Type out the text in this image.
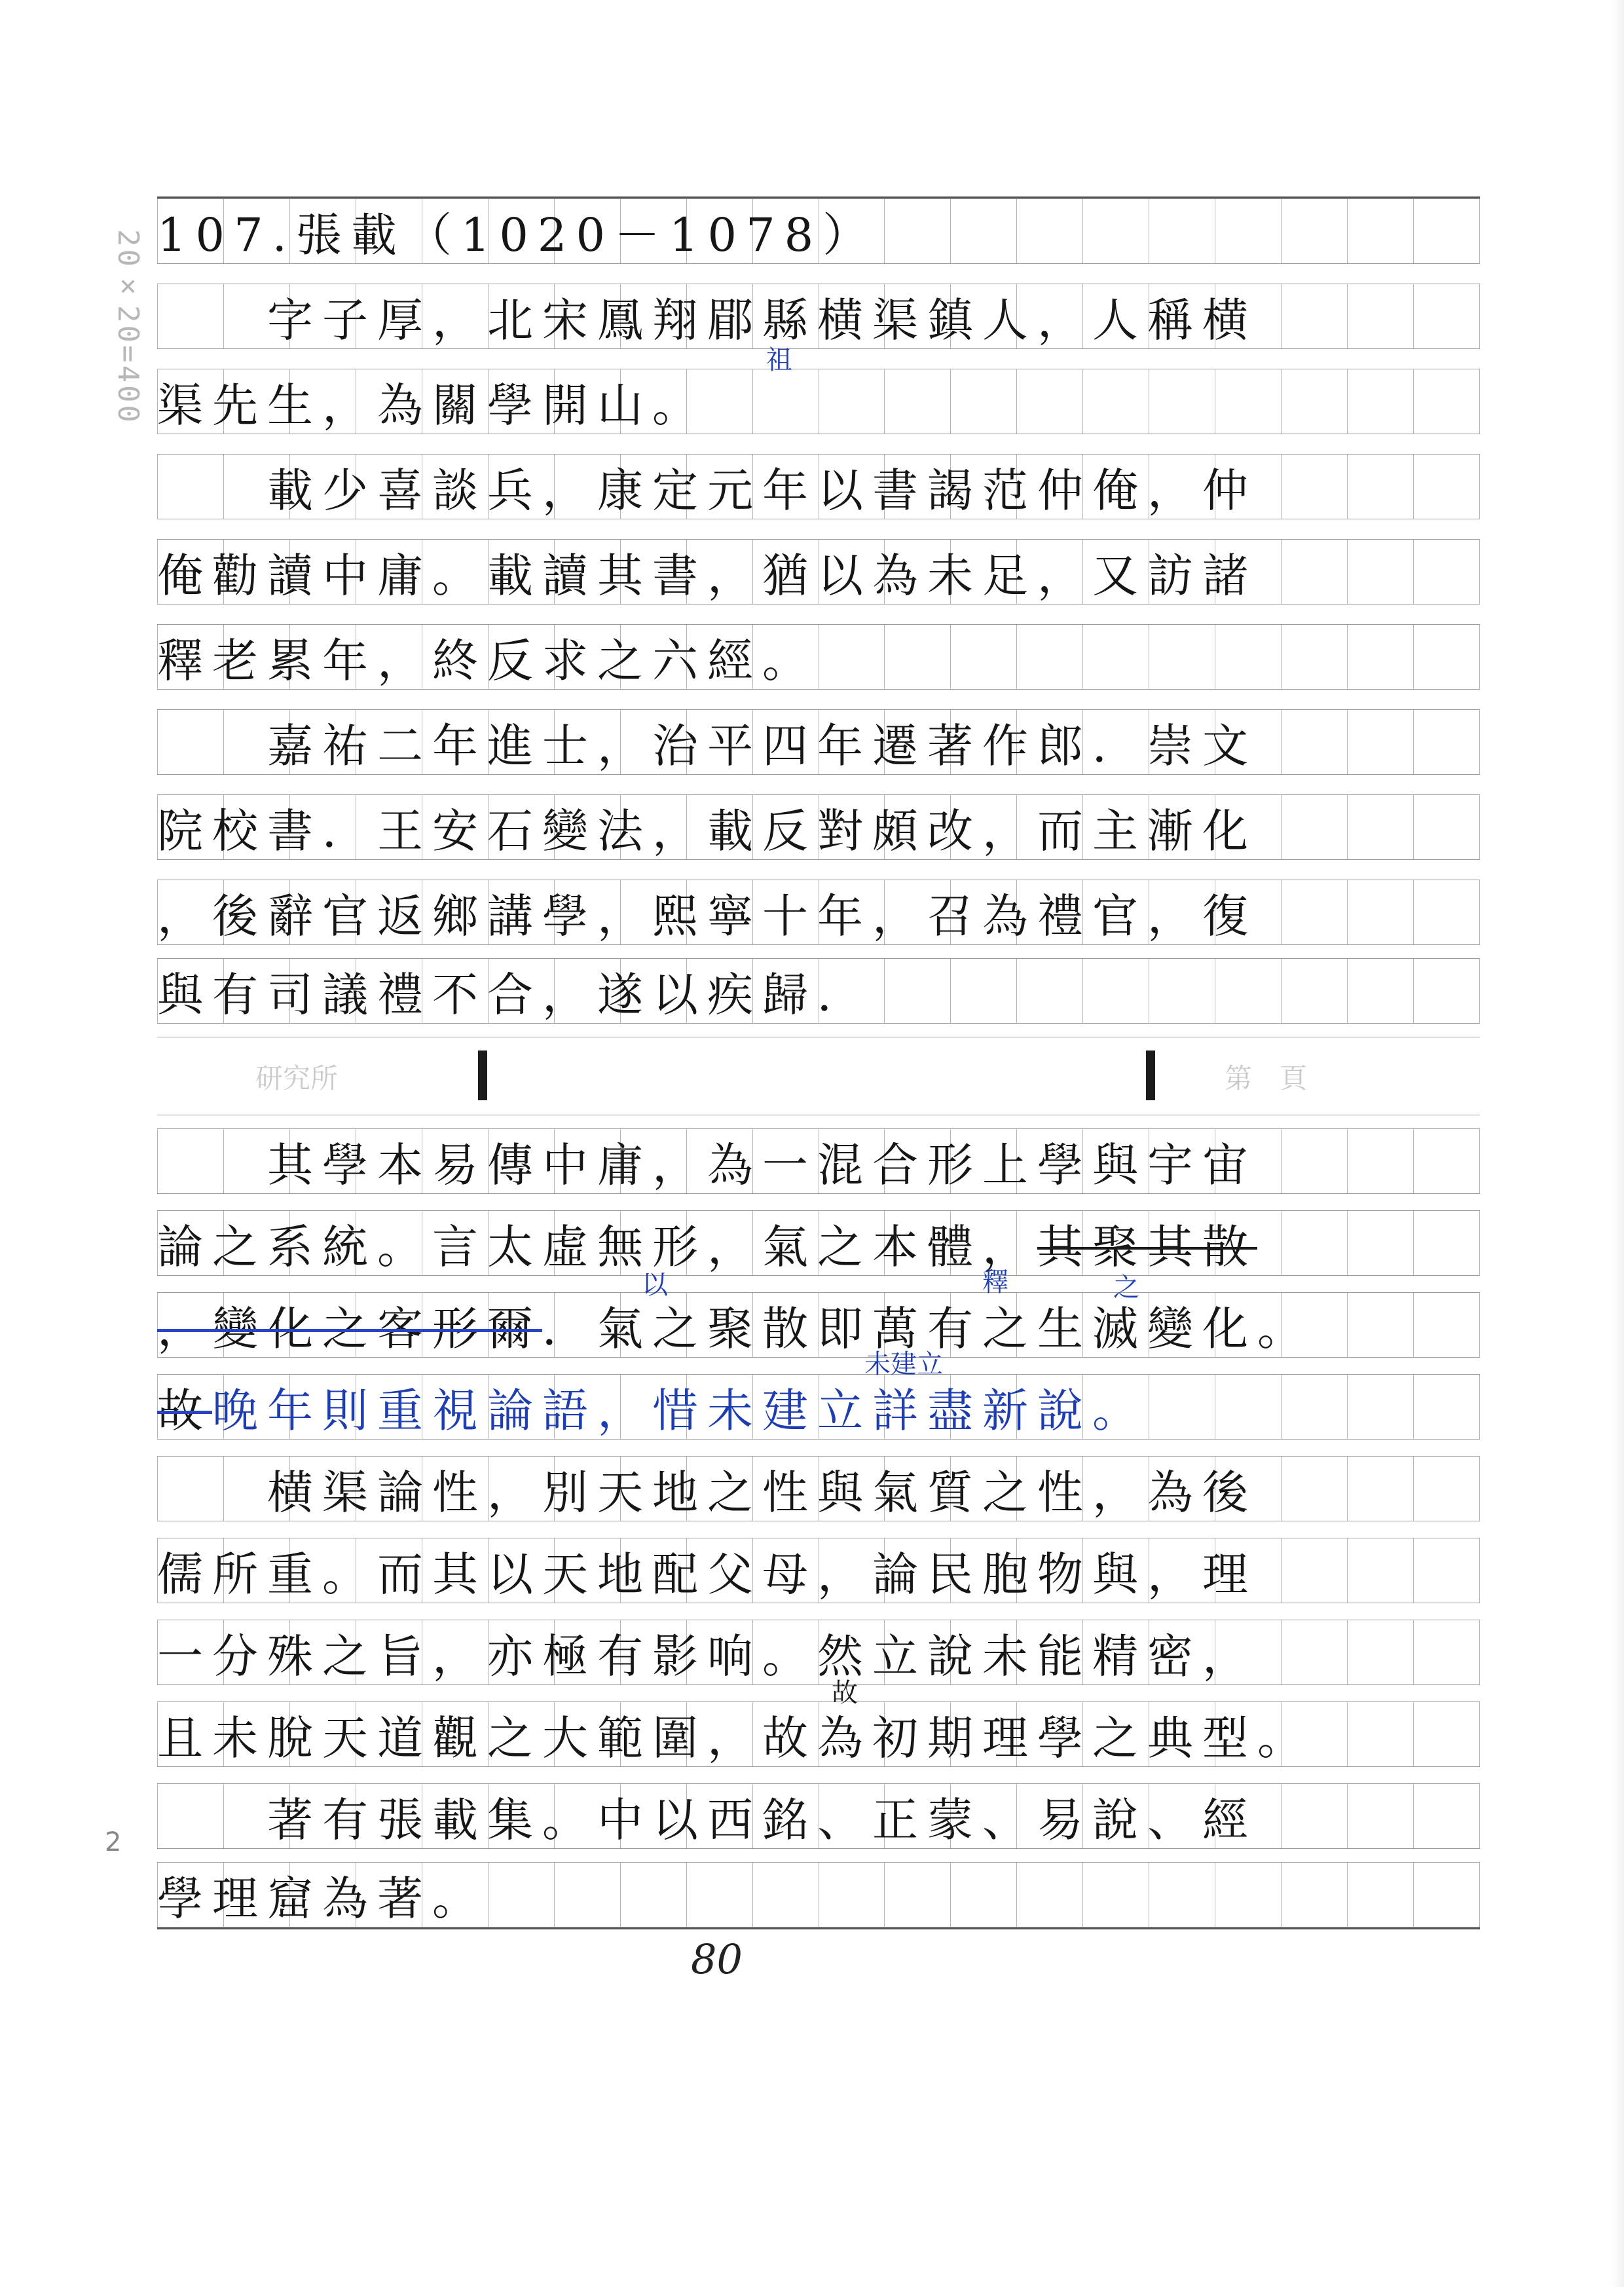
20×20=400
2
107.張載（1020－1078）
　　字子厚，北宋鳳翔郿縣横渠鎮人，人稱横
渠先生，為關學開山。
祖
　　載少喜談兵，康定元年以書謁范仲俺，仲
俺勸讀中庸。載讀其書，猶以為未足，又訪諸
釋老累年，終反求之六經。
　　嘉祐二年進士，治平四年遷著作郎．崇文
院校書．王安石變法，載反對頗改，而主漸化
，後辭官返鄉講學，熙寧十年，召為禮官，復
與有司議禮不合，遂以疾歸．
研究所	第　頁
　　其學本易傳中庸，為一混合形上學與宇宙
論之系統。言太虛無形，氣之本體， 其聚其散
，變化之客形爾 ．氣之聚散即萬有之生滅變化。
以	釋	之
故 晚年則重視論語，惜未建立詳盡新說。
未建立
　　横渠論性，別天地之性與氣質之性，為後
儒所重。而其以天地配父母，論民胞物與，理
一分殊之旨，亦極有影响。然立說未能精密，
且未脫天道觀之大範圍，故為初期理學之典型。
故
　　著有張載集。中以西銘、正蒙、易說、經
學理窟為著。
80
